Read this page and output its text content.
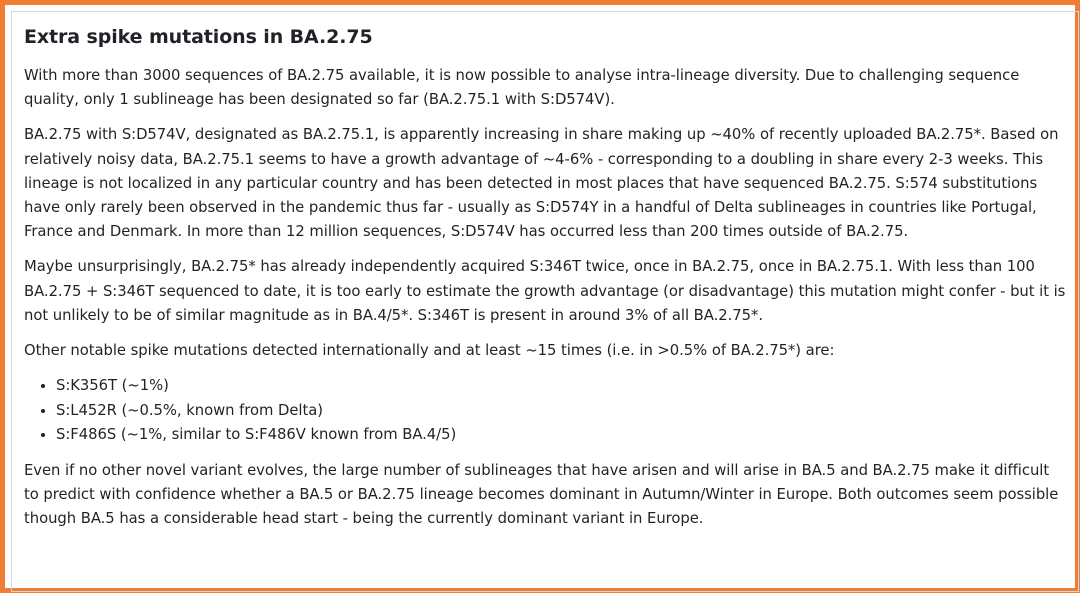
Extra spike mutations in BA.2.75

With more than 3000 sequences of BA.2.75 available, it is now possible to analyse intra-lineage diversity. Due to challenging sequence quality, only 1 sublineage has been designated so far (BA.2.75.1 with S:D574V).

BA.2.75 with S:D574V, designated as BA.2.75.1, is apparently increasing in share making up ~40% of recently uploaded BA.2.75*. Based on relatively noisy data, BA.2.75.1 seems to have a growth advantage of ~4-6% - corresponding to a doubling in share every 2-3 weeks. This lineage is not localized in any particular country and has been detected in most places that have sequenced BA.2.75. S:574 substitutions have only rarely been observed in the pandemic thus far - usually as S:D574Y in a handful of Delta sublineages in countries like Portugal, France and Denmark. In more than 12 million sequences, S:D574V has occurred less than 200 times outside of BA.2.75.

Maybe unsurprisingly, BA.2.75* has already independently acquired S:346T twice, once in BA.2.75, once in BA.2.75.1. With less than 100 BA.2.75 + S:346T sequenced to date, it is too early to estimate the growth advantage (or disadvantage) this mutation might confer - but it is not unlikely to be of similar magnitude as in BA.4/5*. S:346T is present in around 3% of all BA.2.75*.

Other notable spike mutations detected internationally and at least ~15 times (i.e. in >0.5% of BA.2.75*) are:

• S:K356T (~1%)
• S:L452R (~0.5%, known from Delta)
• S:F486S (~1%, similar to S:F486V known from BA.4/5)

Even if no other novel variant evolves, the large number of sublineages that have arisen and will arise in BA.5 and BA.2.75 make it difficult to predict with confidence whether a BA.5 or BA.2.75 lineage becomes dominant in Autumn/Winter in Europe. Both outcomes seem possible though BA.5 has a considerable head start - being the currently dominant variant in Europe.
